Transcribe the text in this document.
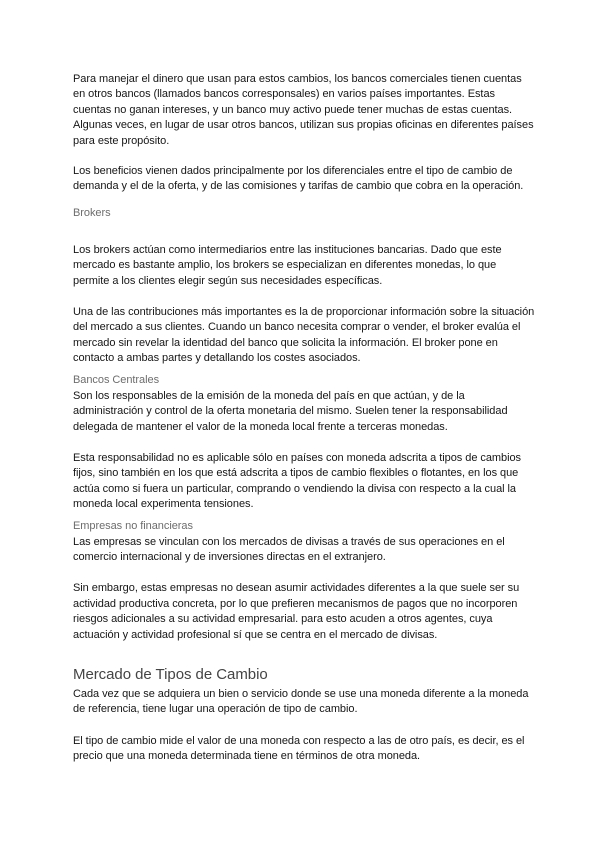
Para manejar el dinero que usan para estos cambios, los bancos comerciales tienen cuentas en otros bancos (llamados bancos corresponsales) en varios países importantes. Estas cuentas no ganan intereses, y un banco muy activo puede tener muchas de estas cuentas. Algunas veces, en lugar de usar otros bancos, utilizan sus propias oficinas en diferentes países para este propósito.

Los beneficios vienen dados principalmente por los diferenciales entre el tipo de cambio de demanda y el de la oferta, y de las comisiones y tarifas de cambio que cobra en la operación.

Brokers

Los brokers actúan como intermediarios entre las instituciones bancarias. Dado que este mercado es bastante amplio, los brokers se especializan en diferentes monedas, lo que permite a los clientes elegir según sus necesidades específicas.

Una de las contribuciones más importantes es la de proporcionar información sobre la situación del mercado a sus clientes. Cuando un banco necesita comprar o vender, el broker evalúa el mercado sin revelar la identidad del banco que solicita la información. El broker pone en contacto a ambas partes y detallando los costes asociados.

Bancos Centrales

Son los responsables de la emisión de la moneda del país en que actúan, y de la administración y control de la oferta monetaria del mismo. Suelen tener la responsabilidad delegada de mantener el valor de la moneda local frente a terceras monedas.

Esta responsabilidad no es aplicable sólo en países con moneda adscrita a tipos de cambios fijos, sino también en los que está adscrita a tipos de cambio flexibles o flotantes, en los que actúa como si fuera un particular, comprando o vendiendo la divisa con respecto a la cual la moneda local experimenta tensiones.

Empresas no financieras

Las empresas se vinculan con los mercados de divisas a través de sus operaciones en el comercio internacional y de inversiones directas en el extranjero.

Sin embargo, estas empresas no desean asumir actividades diferentes a la que suele ser su actividad productiva concreta, por lo que prefieren mecanismos de pagos que no incorporen riesgos adicionales a su actividad empresarial. para esto acuden a otros agentes, cuya actuación y actividad profesional sí que se centra en el mercado de divisas.

Mercado de Tipos de Cambio

Cada vez que se adquiera un bien o servicio donde se use una moneda diferente a la moneda de referencia, tiene lugar una operación de tipo de cambio.

El tipo de cambio mide el valor de una moneda con respecto a las de otro país, es decir, es el precio que una moneda determinada tiene en términos de otra moneda.
